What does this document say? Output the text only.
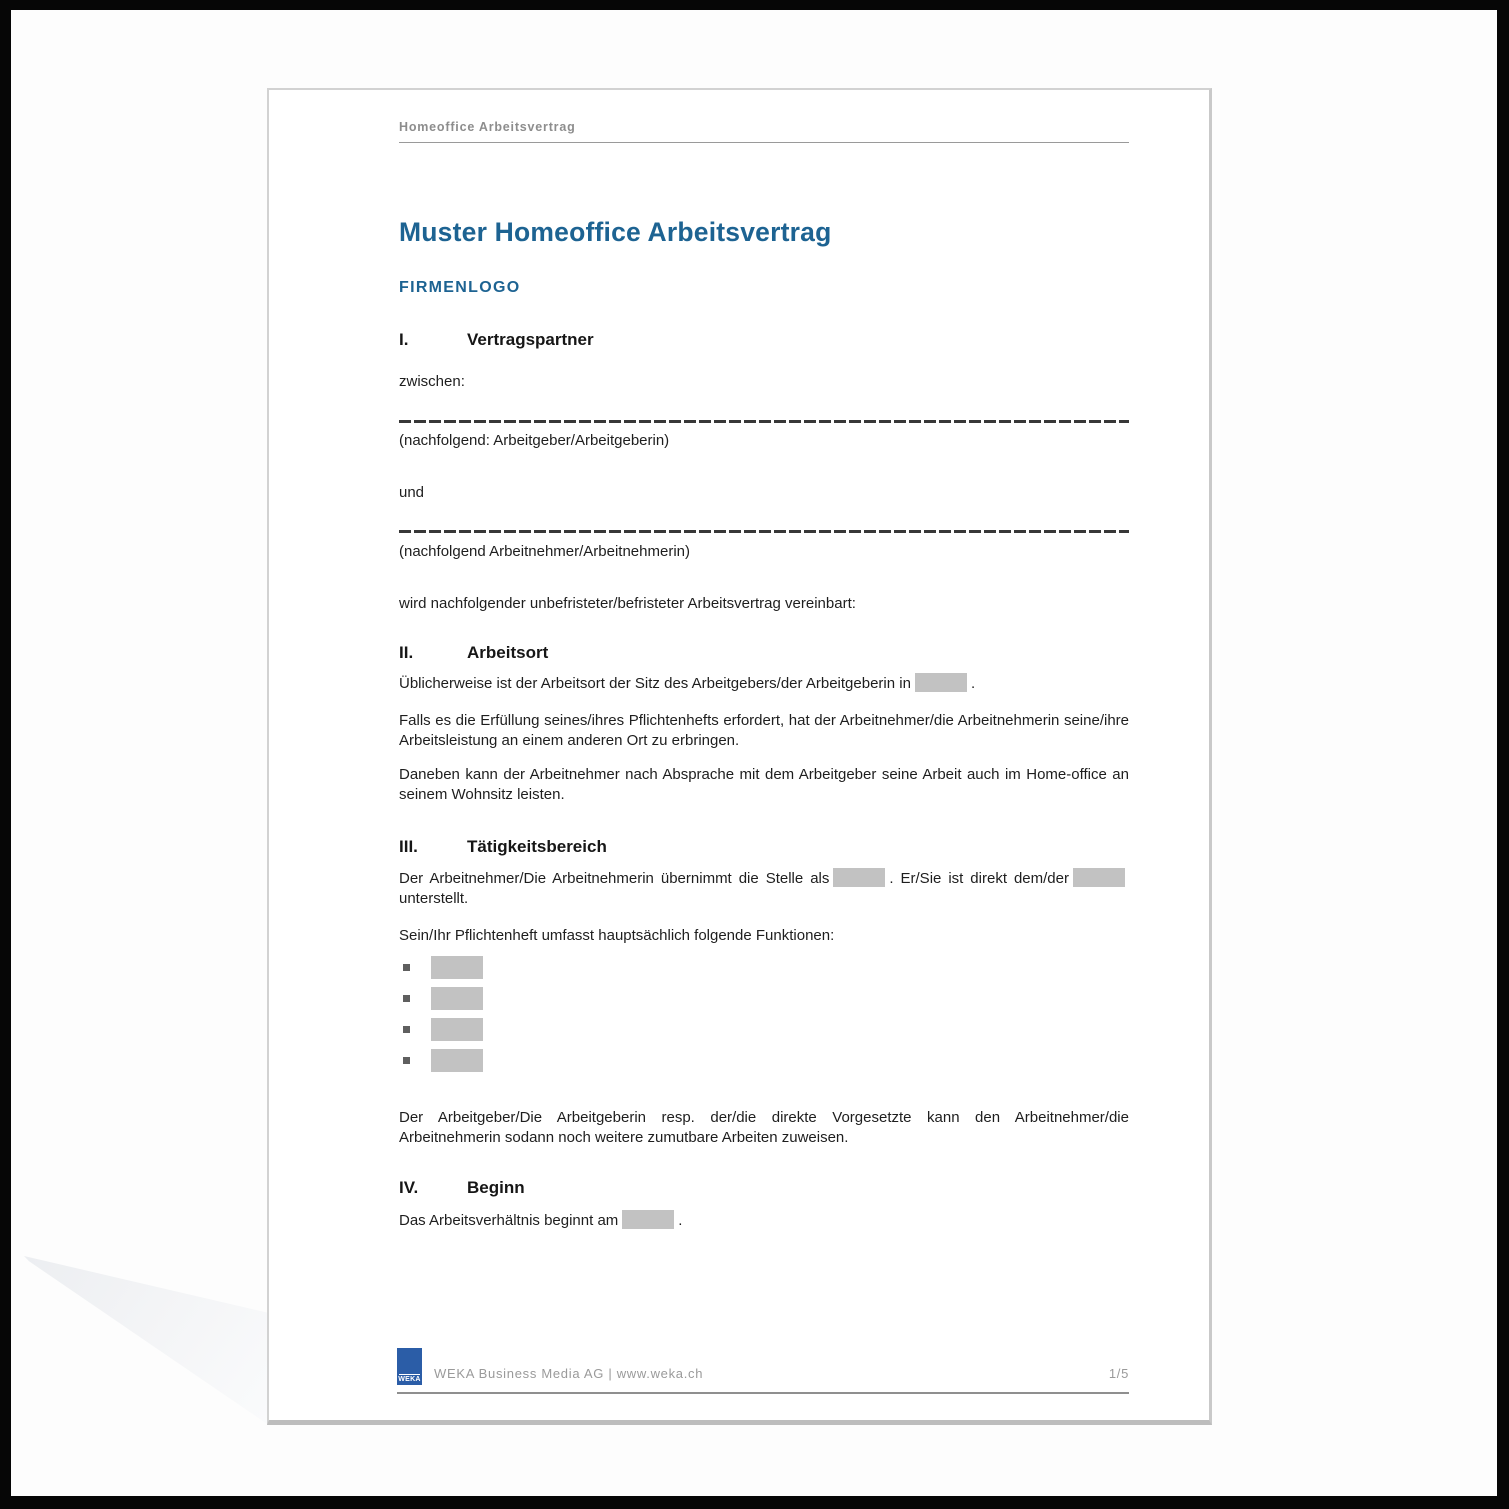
Homeoffice Arbeitsvertrag
Muster Homeoffice Arbeitsvertrag
FIRMENLOGO
I.	Vertragspartner

zwischen:

(nachfolgend: Arbeitgeber/Arbeitgeberin)

und

(nachfolgend Arbeitnehmer/Arbeitnehmerin)

wird nachfolgender unbefristeter/befristeter Arbeitsvertrag vereinbart:

II.	Arbeitsort

Üblicherweise ist der Arbeitsort der Sitz des Arbeitgebers/der Arbeitgeberin in	.

Falls es die Erfüllung seines/ihres Pflichtenhefts erfordert, hat der Arbeitnehmer/die Arbeitnehmerin seine/ihre Arbeitsleistung an einem anderen Ort zu erbringen.

Daneben kann der Arbeitnehmer nach Absprache mit dem Arbeitgeber seine Arbeit auch im Home-office an seinem Wohnsitz leisten.

III.	Tätigkeitsbereich

Der Arbeitnehmer/Die Arbeitnehmerin übernimmt die Stelle als	. Er/Sie ist direkt dem/der unterstellt.

Sein/Ihr Pflichtenheft umfasst hauptsächlich folgende Funktionen:

Der Arbeitgeber/Die Arbeitgeberin resp. der/die direkte Vorgesetzte kann den Arbeitnehmer/die Arbeitnehmerin sodann noch weitere zumutbare Arbeiten zuweisen.

IV.	Beginn

Das Arbeitsverhältnis beginnt am	.

WEKA WEKA Business Media AG | www.weka.ch	1/5
